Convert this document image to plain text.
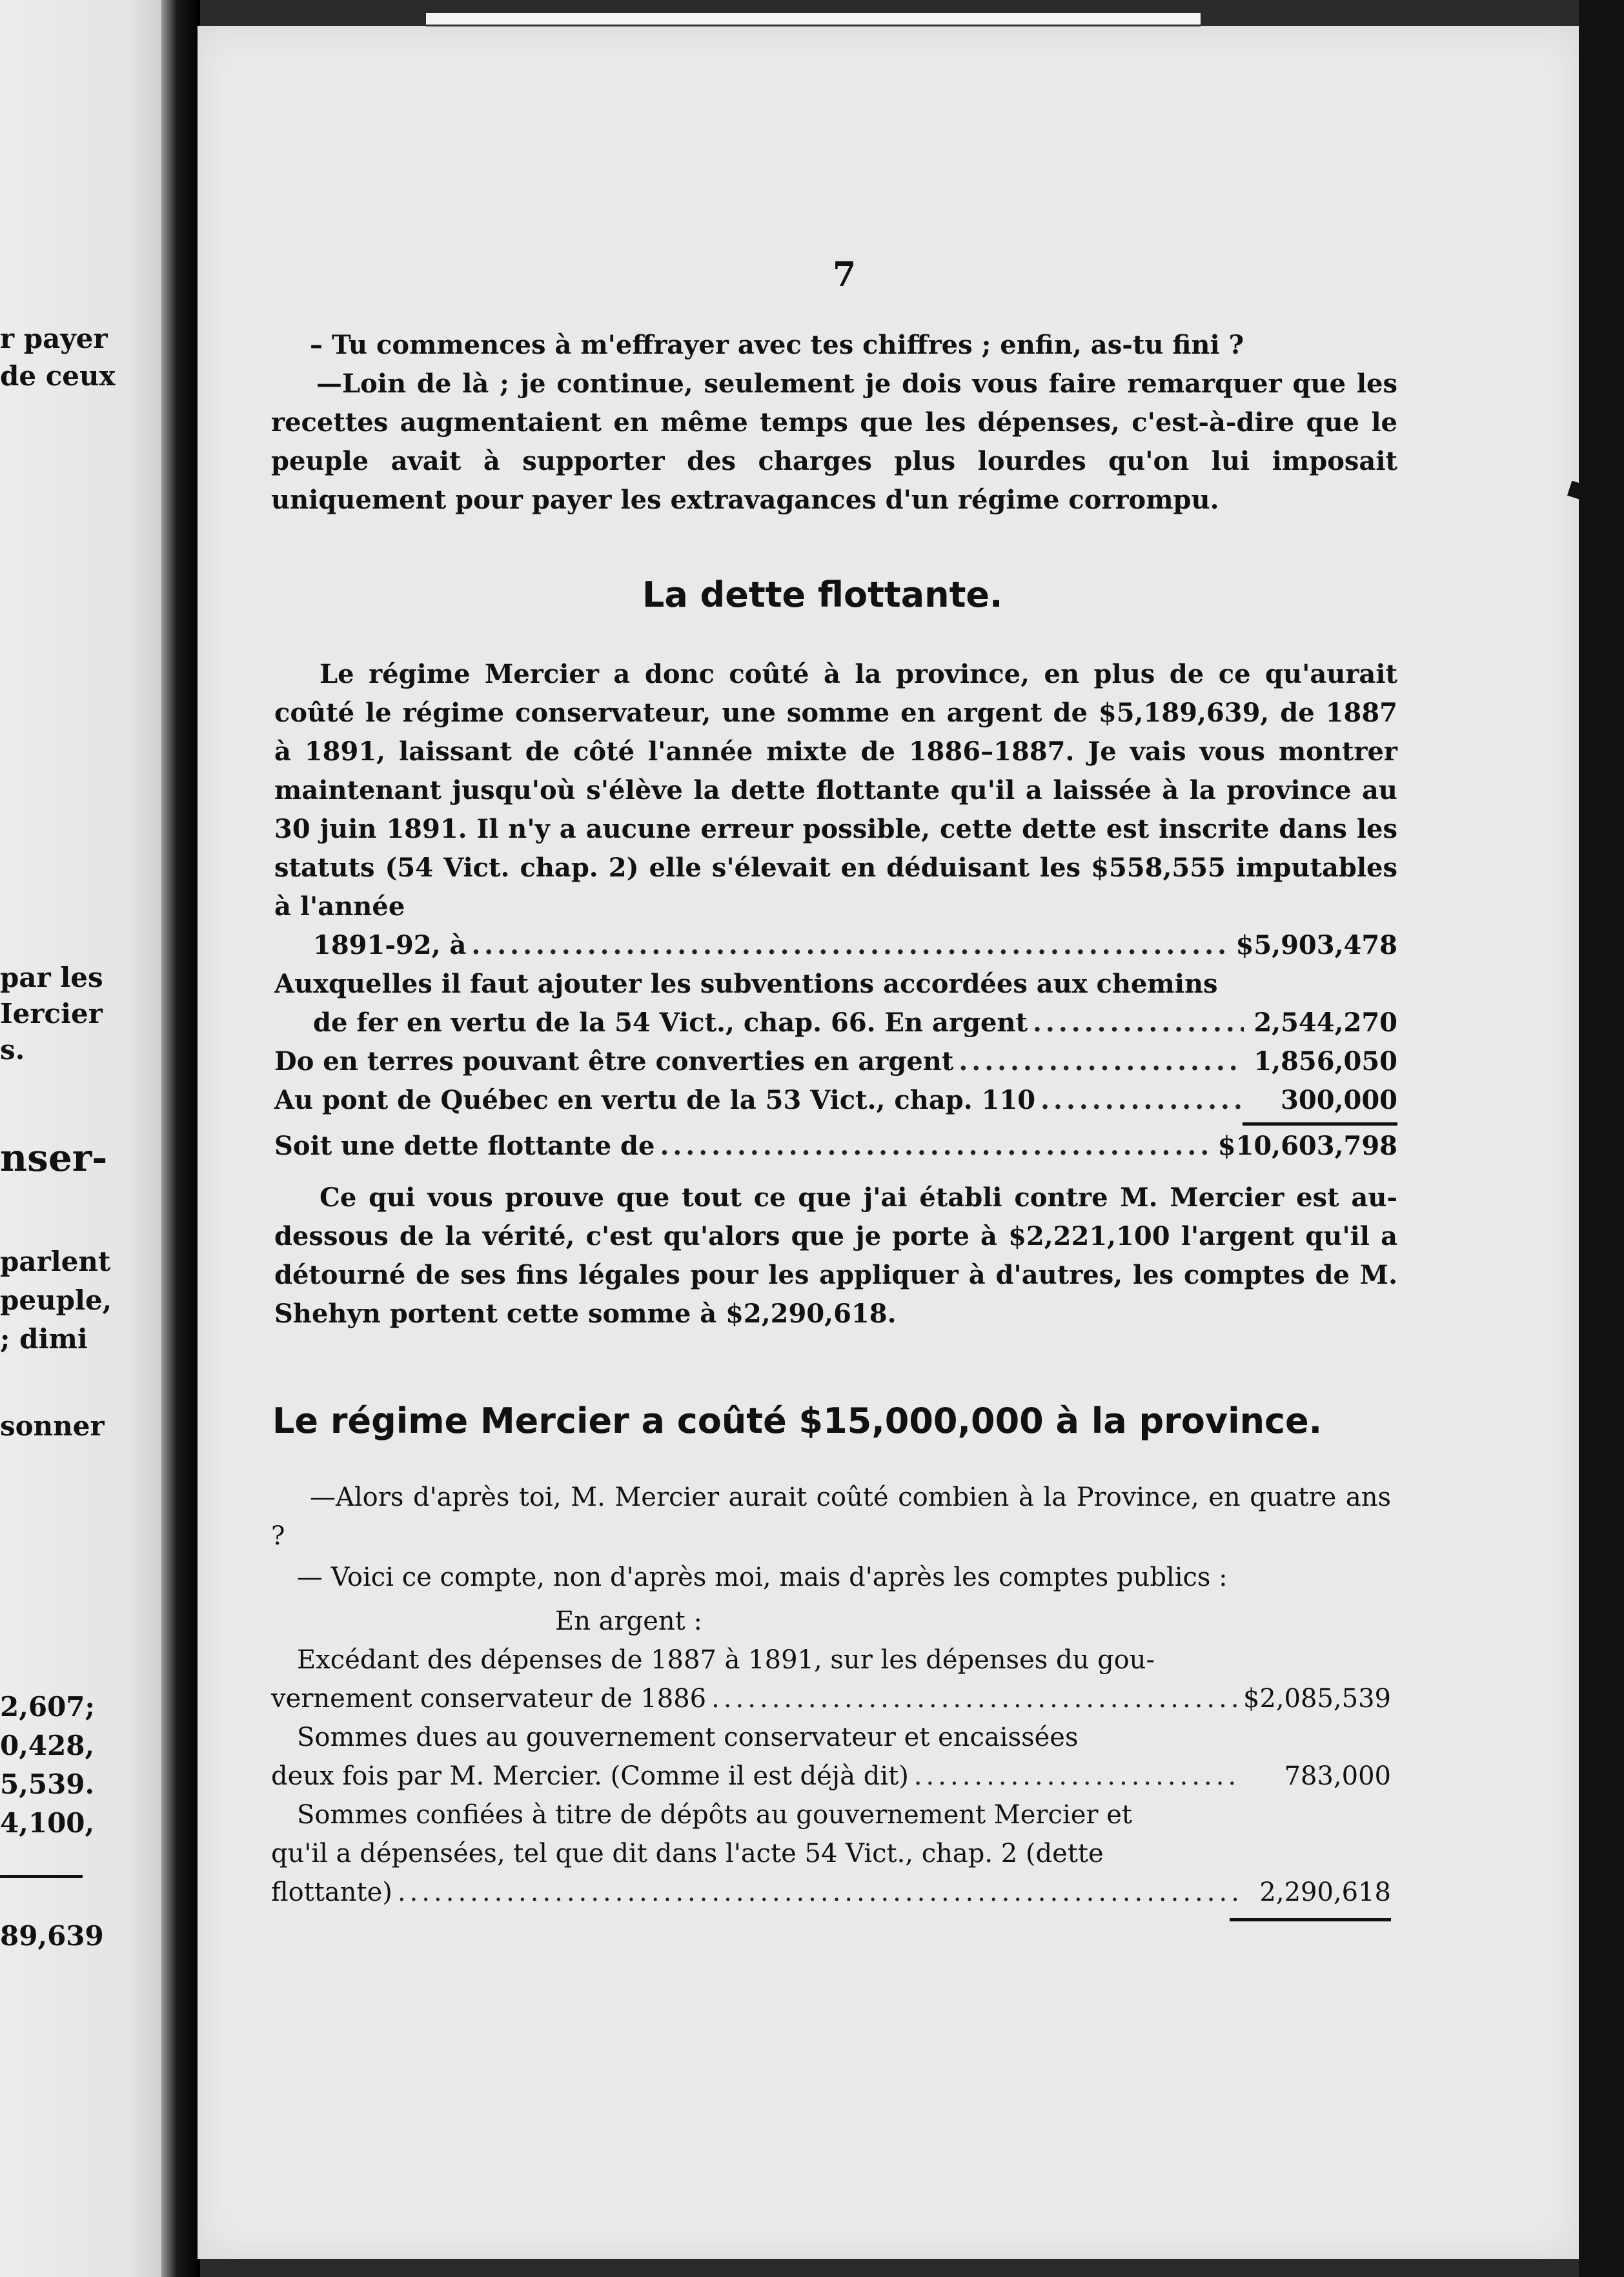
r payer
de ceux
par les
Iercier
s.
nser-
parlent
peuple,
; dimi
sonner
2,607;
0,428,
5,539.
4,100,
89,639
7

– Tu commences à m'effrayer avec tes chiffres ; enfin, as-tu fini ?

—Loin de là ; je continue, seulement je dois vous faire remarquer que les recettes augmentaient en même temps que les dépenses, c'est-à-dire que le peuple avait à supporter des charges plus lourdes qu'on lui imposait uniquement pour payer les extravagances d'un régime corrompu.

La dette flottante.

Le régime Mercier a donc coûté à la province, en plus de ce qu'aurait coûté le régime conservateur, une somme en argent de $5,189,639, de 1887 à 1891, laissant de côté l'année mixte de 1886–1887. Je vais vous montrer maintenant jusqu'où s'élève la dette flottante qu'il a laissée à la province au 30 juin 1891. Il n'y a aucune erreur possible, cette dette est inscrite dans les statuts (54 Vict. chap. 2) elle s'élevait en déduisant les $558,555 imputables à l'année

1891-92, à .....	$5,903,478
Auxquelles il faut ajouter les subventions accordées aux chemins
de fer en vertu de la 54 Vict., chap. 66. En argent .....	2,544,270
Do en terres pouvant être converties en argent .....	1,856,050
Au pont de Québec en vertu de la 53 Vict., chap. 110 .....	300,000
Soit une dette flottante de .....	$10,603,798

Ce qui vous prouve que tout ce que j'ai établi contre M. Mercier est au-dessous de la vérité, c'est qu'alors que je porte à $2,221,100 l'argent qu'il a détourné de ses fins légales pour les appliquer à d'autres, les comptes de M. Shehyn portent cette somme à $2,290,618.

Le régime Mercier a coûté $15,000,000 à la province.

—Alors d'après toi, M. Mercier aurait coûté combien à la Province, en quatre ans ?

— Voici ce compte, non d'après moi, mais d'après les comptes publics :

En argent :
Excédant des dépenses de 1887 à 1891, sur les dépenses du gou-
vernement conservateur de 1886 .....	$2,085,539
Sommes dues au gouvernement conservateur et encaissées
deux fois par M. Mercier. (Comme il est déjà dit) .....	783,000
Sommes confiées à titre de dépôts au gouvernement Mercier et
qu'il a dépensées, tel que dit dans l'acte 54 Vict., chap. 2 (dette
flottante) .....	2,290,618
